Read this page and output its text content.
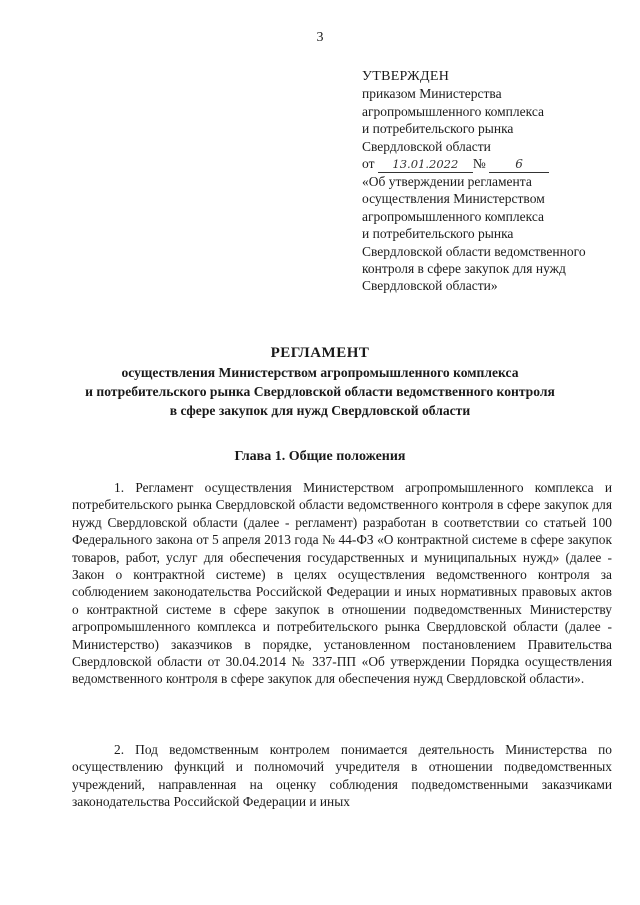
3
УТВЕРЖДЕН
приказом Министерства
агропромышленного комплекса
и потребительского рынка
Свердловской области
от 13.01.2022 № 6
«Об утверждении регламента
осуществления Министерством
агропромышленного комплекса
и потребительского рынка
Свердловской области ведомственного
контроля в сфере закупок для нужд
Свердловской области»
РЕГЛАМЕНТ
осуществления Министерством агропромышленного комплекса
и потребительского рынка Свердловской области ведомственного контроля
в сфере закупок для нужд Свердловской области
Глава 1. Общие положения

1. Регламент осуществления Министерством агропромышленного комплекса и потребительского рынка Свердловской области ведомственного контроля в сфере закупок для нужд Свердловской области (далее - регламент) разработан в соответствии со статьей 100 Федерального закона от 5 апреля 2013 года № 44-ФЗ «О контрактной системе в сфере закупок товаров, работ, услуг для обеспечения государственных и муниципальных нужд» (далее - Закон о контрактной системе) в целях осуществления ведомственного контроля за соблюдением законодательства Российской Федерации и иных нормативных правовых актов о контрактной системе в сфере закупок в отношении подведомственных Министерству агропромышленного комплекса и потребительского рынка Свердловской области (далее - Министерство) заказчиков в порядке, установленном постановлением Правительства Свердловской области от 30.04.2014 № 337-ПП «Об утверждении Порядка осуществления ведомственного контроля в сфере закупок для обеспечения нужд Свердловской области».

2. Под ведомственным контролем понимается деятельность Министерства по осуществлению функций и полномочий учредителя в отношении подведомственных учреждений, направленная на оценку соблюдения подведомственными заказчиками законодательства Российской Федерации и иных
